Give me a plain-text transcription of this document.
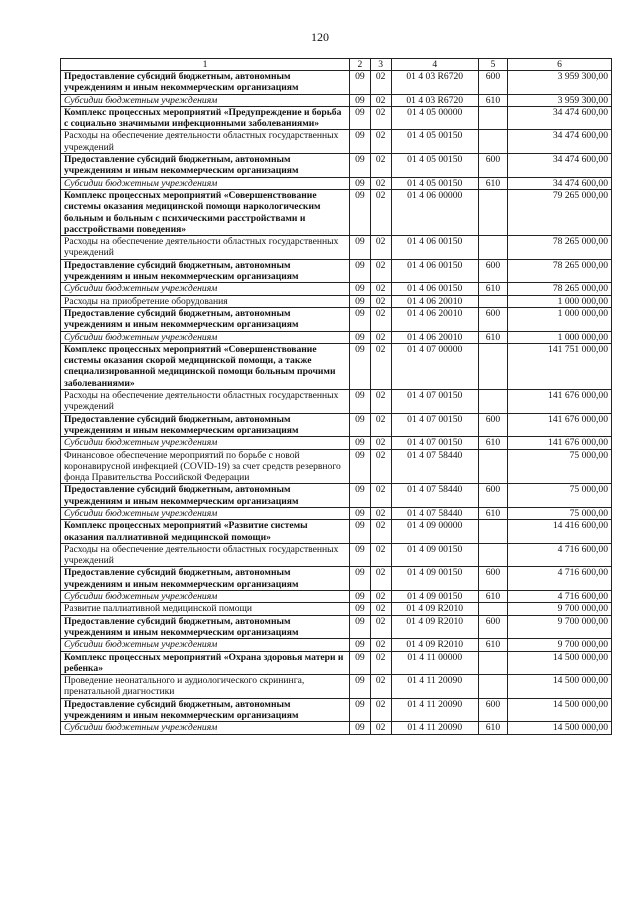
120
1	2	3	4	5	6
Предоставление субсидий бюджетным, автономным учреждениям и иным некоммерческим организациям	09	02	01 4 03 R6720	600	3 959 300,00
Субсидии бюджетным учреждениям	09	02	01 4 03 R6720	610	3 959 300,00
Комплекс процессных мероприятий «Предупреждение и борьба с социально значимыми инфекционными заболеваниями»	09	02	01 4 05 00000		34 474 600,00
Расходы на обеспечение деятельности областных государственных учреждений	09	02	01 4 05 00150		34 474 600,00
Предоставление субсидий бюджетным, автономным учреждениям и иным некоммерческим организациям	09	02	01 4 05 00150	600	34 474 600,00
Субсидии бюджетным учреждениям	09	02	01 4 05 00150	610	34 474 600,00
Комплекс процессных мероприятий «Совершенствование системы оказания медицинской помощи наркологическим больным и больным с психическими расстройствами и расстройствами поведения»	09	02	01 4 06 00000		79 265 000,00
Расходы на обеспечение деятельности областных государственных учреждений	09	02	01 4 06 00150		78 265 000,00
Предоставление субсидий бюджетным, автономным учреждениям и иным некоммерческим организациям	09	02	01 4 06 00150	600	78 265 000,00
Субсидии бюджетным учреждениям	09	02	01 4 06 00150	610	78 265 000,00
Расходы на приобретение оборудования	09	02	01 4 06 20010		1 000 000,00
Предоставление субсидий бюджетным, автономным учреждениям и иным некоммерческим организациям	09	02	01 4 06 20010	600	1 000 000,00
Субсидии бюджетным учреждениям	09	02	01 4 06 20010	610	1 000 000,00
Комплекс процессных мероприятий «Совершенствование системы оказания скорой медицинской помощи, а также специализированной медицинской помощи больным прочими заболеваниями»	09	02	01 4 07 00000		141 751 000,00
Расходы на обеспечение деятельности областных государственных учреждений	09	02	01 4 07 00150		141 676 000,00
Предоставление субсидий бюджетным, автономным учреждениям и иным некоммерческим организациям	09	02	01 4 07 00150	600	141 676 000,00
Субсидии бюджетным учреждениям	09	02	01 4 07 00150	610	141 676 000,00
Финансовое обеспечение мероприятий по борьбе с новой коронавирусной инфекцией (COVID-19) за счет средств резервного фонда Правительства Российской Федерации	09	02	01 4 07 58440		75 000,00
Предоставление субсидий бюджетным, автономным учреждениям и иным некоммерческим организациям	09	02	01 4 07 58440	600	75 000,00
Субсидии бюджетным учреждениям	09	02	01 4 07 58440	610	75 000,00
Комплекс процессных мероприятий «Развитие системы оказания паллиативной медицинской помощи»	09	02	01 4 09 00000		14 416 600,00
Расходы на обеспечение деятельности областных государственных учреждений	09	02	01 4 09 00150		4 716 600,00
Предоставление субсидий бюджетным, автономным учреждениям и иным некоммерческим организациям	09	02	01 4 09 00150	600	4 716 600,00
Субсидии бюджетным учреждениям	09	02	01 4 09 00150	610	4 716 600,00
Развитие паллиативной медицинской помощи	09	02	01 4 09 R2010		9 700 000,00
Предоставление субсидий бюджетным, автономным учреждениям и иным некоммерческим организациям	09	02	01 4 09 R2010	600	9 700 000,00
Субсидии бюджетным учреждениям	09	02	01 4 09 R2010	610	9 700 000,00
Комплекс процессных мероприятий «Охрана здоровья матери и ребенка»	09	02	01 4 11 00000		14 500 000,00
Проведение неонатального и аудиологического скрининга, пренатальной диагностики	09	02	01 4 11 20090		14 500 000,00
Предоставление субсидий бюджетным, автономным учреждениям и иным некоммерческим организациям	09	02	01 4 11 20090	600	14 500 000,00
Субсидии бюджетным учреждениям	09	02	01 4 11 20090	610	14 500 000,00
